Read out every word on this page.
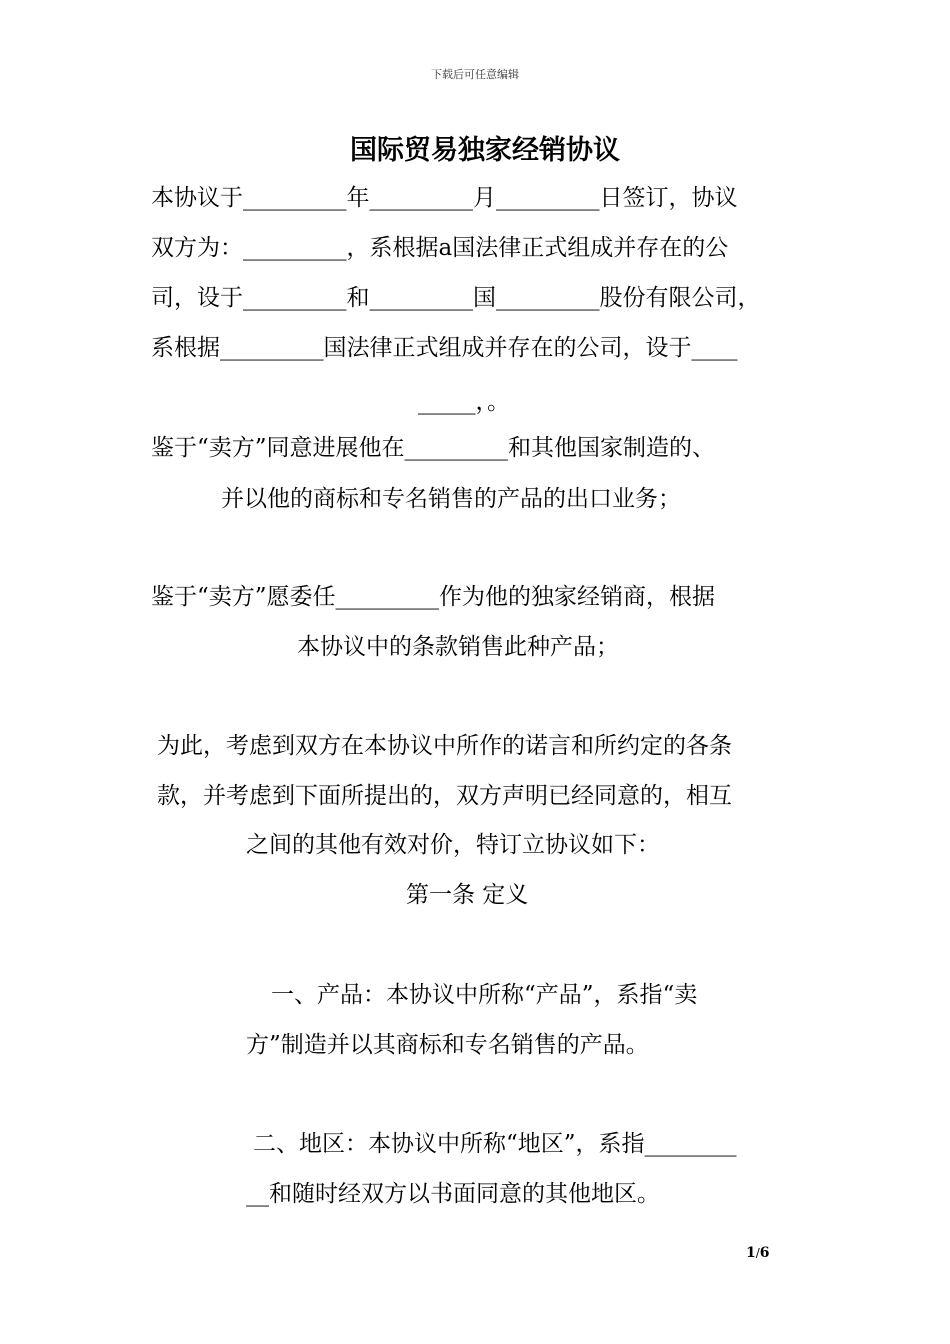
下载后可任意编辑
国际贸易独家经销协议
本协议于_________年_________月_________日签订，协议
双方为：_________，系根据a国法律正式组成并存在的公
司，设于_________和_________国_________股份有限公司，
系根据_________国法律正式组成并存在的公司，设于____
_____，。
鉴于“卖方”同意进展他在_________和其他国家制造的、
并以他的商标和专名销售的产品的出口业务；
鉴于“卖方”愿委任_________作为他的独家经销商，根据
本协议中的条款销售此种产品；
为此，考虑到双方在本协议中所作的诺言和所约定的各条
款，并考虑到下面所提出的，双方声明已经同意的，相互
之间的其他有效对价，特订立协议如下：
第一条 定义
一、产品：本协议中所称“产品”，系指“卖
方”制造并以其商标和专名销售的产品。
二、地区：本协议中所称“地区”，系指________
__和随时经双方以书面同意的其他地区。
1/6
